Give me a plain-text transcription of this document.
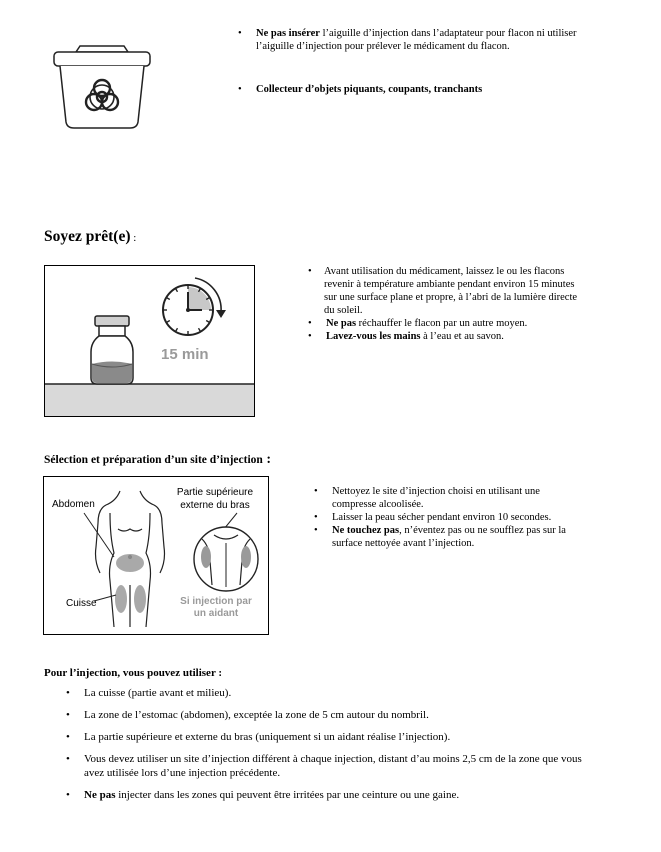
• Ne pas insérer l’aiguille d’injection dans l’adaptateur pour flacon ni utiliser l’aiguille d’injection pour prélever le médicament du flacon.
• Collecteur d’objets piquants, coupants, tranchants
Soyez prêt(e) :
15 min
• Avant utilisation du médicament, laissez le ou les flacons revenir à température ambiante pendant environ 15 minutes sur une surface plane et propre, à l’abri de la lumière directe du soleil.
• Ne pas réchauffer le flacon par un autre moyen.
• Lavez-vous les mains à l’eau et au savon.
Sélection et préparation d’un site d’injection :
Abdomen
Partie supérieure
externe du bras
Cuisse	Si injection par
un aidant
• Nettoyez le site d’injection choisi en utilisant une compresse alcoolisée.
• Laisser la peau sécher pendant environ 10 secondes.
• Ne touchez pas, n’éventez pas ou ne soufflez pas sur la surface nettoyée avant l’injection.
Pour l’injection, vous pouvez utiliser :
• La cuisse (partie avant et milieu).
• La zone de l’estomac (abdomen), exceptée la zone de 5 cm autour du nombril.
• La partie supérieure et externe du bras (uniquement si un aidant réalise l’injection).
• Vous devez utiliser un site d’injection différent à chaque injection, distant d’au moins 2,5 cm de la zone que vous avez utilisée lors d’une injection précédente.
• Ne pas injecter dans les zones qui peuvent être irritées par une ceinture ou une gaine.
